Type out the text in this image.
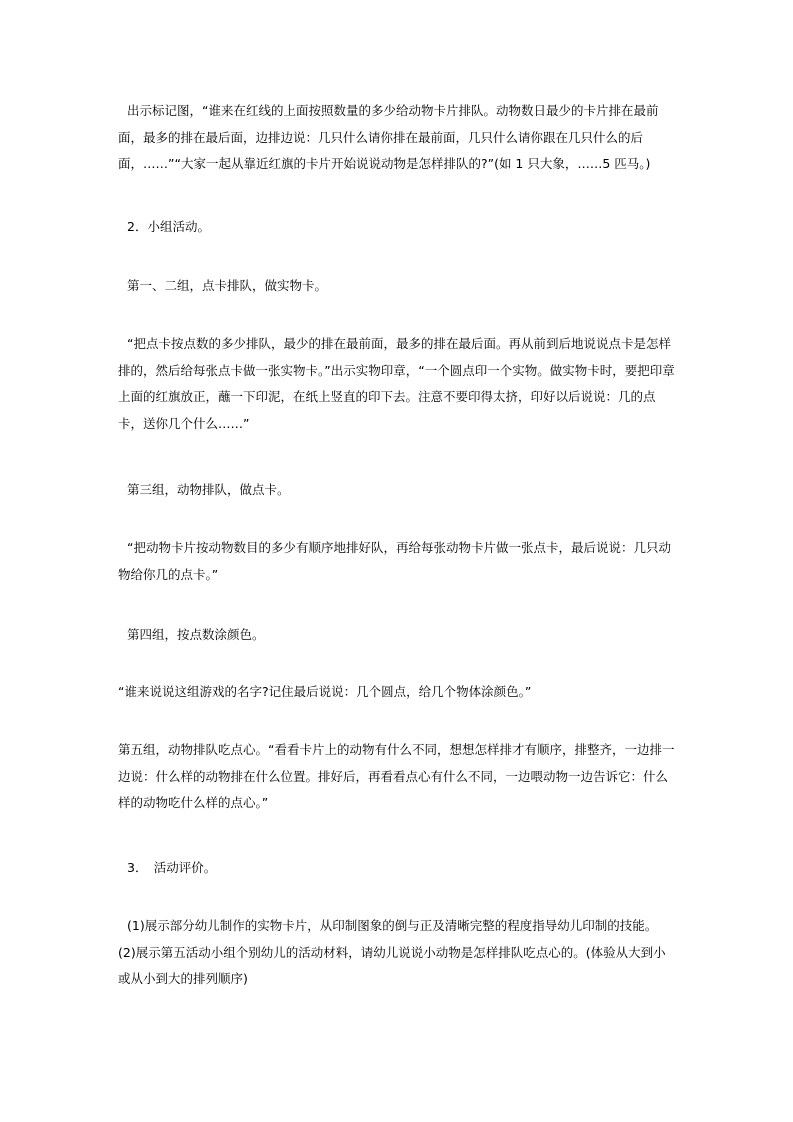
出示标记图，“谁来在红线的上面按照数量的多少给动物卡片排队。动物数日最少的卡片排在最前面，最多的排在最后面，边排边说：几只什么请你排在最前面，几只什么请你跟在几只什么的后面，……”“大家一起从靠近红旗的卡片开始说说动物是怎样排队的?”(如 1 只大象，……5 匹马。)

2．小组活动。

第一、二组，点卡排队，做实物卡。

“把点卡按点数的多少排队，最少的排在最前面，最多的排在最后面。再从前到后地说说点卡是怎样排的，然后给每张点卡做一张实物卡。”出示实物印章，“一个圆点印一个实物。做实物卡时，要把印章上面的红旗放正，蘸一下印泥，在纸上竖直的印下去。注意不要印得太挤，印好以后说说：几的点卡，送你几个什么……”

第三组，动物排队，做点卡。

“把动物卡片按动物数目的多少有顺序地排好队，再给每张动物卡片做一张点卡，最后说说：几只动物给你几的点卡。”

第四组，按点数涂颜色。

“谁来说说这组游戏的名字?记住最后说说：几个圆点，给几个物体涂颜色。”

第五组，动物排队吃点心。“看看卡片上的动物有什么不同，想想怎样排才有顺序，排整齐，一边排一边说：什么样的动物排在什么位置。排好后，再看看点心有什么不同，一边喂动物一边告诉它：什么样的动物吃什么样的点心。”

3．　活动评价。

(1)展示部分幼儿制作的实物卡片，从印制图象的倒与正及清晰完整的程度指导幼儿印制的技能。 (2)展示第五活动小组个别幼儿的活动材料，请幼儿说说小动物是怎样排队吃点心的。(体验从大到小或从小到大的排列顺序)
